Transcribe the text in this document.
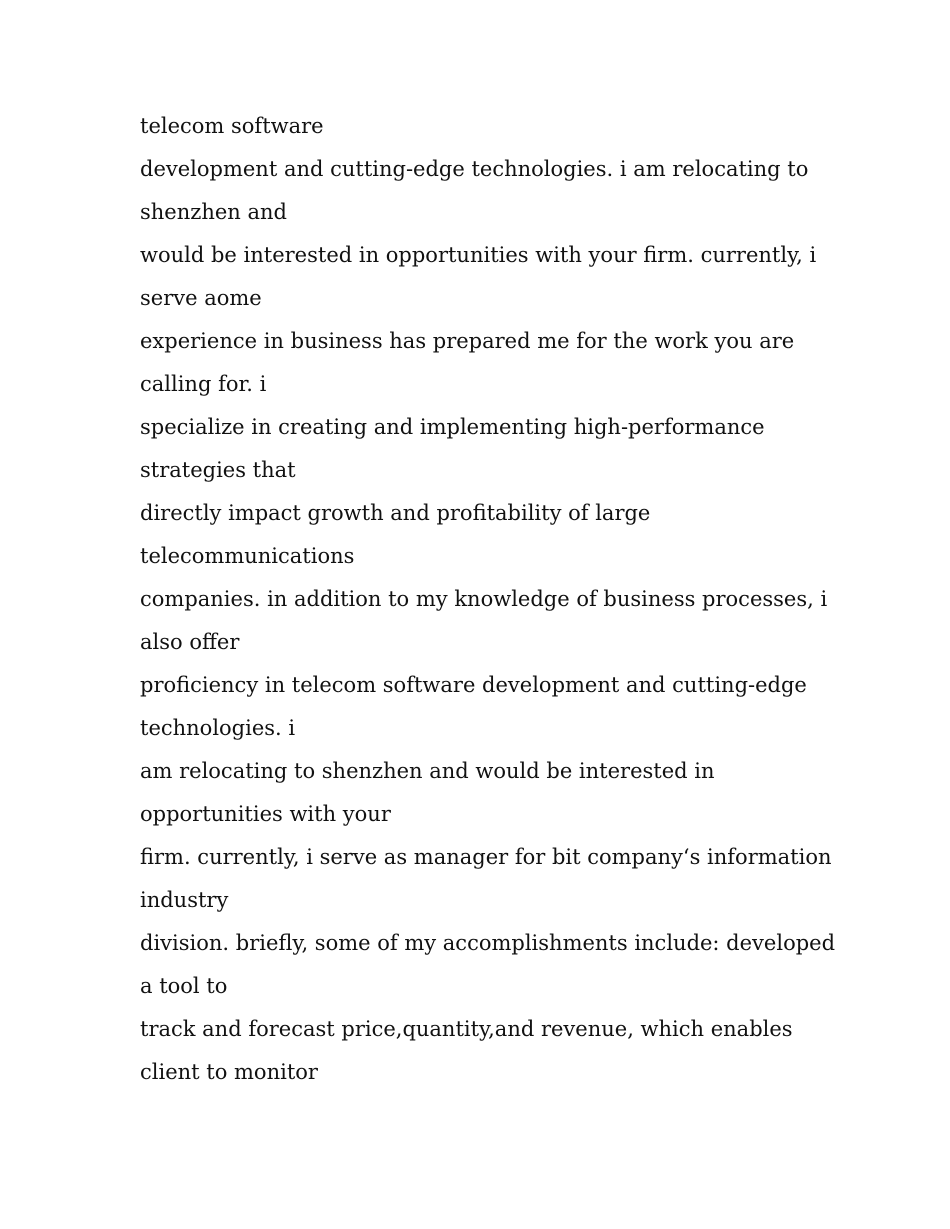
telecom software
development and cutting-edge technologies. i am relocating to
shenzhen and
would be interested in opportunities with your firm. currently, i
serve aome
experience in business has prepared me for the work you are
calling for. i
specialize in creating and implementing high-performance
strategies that
directly impact growth and profitability of large
telecommunications
companies. in addition to my knowledge of business processes, i
also offer
proficiency in telecom software development and cutting-edge
technologies. i
am relocating to shenzhen and would be interested in
opportunities with your
firm. currently, i serve as manager for bit company‘s information
industry
division. briefly, some of my accomplishments include: developed
a tool to
track and forecast price,quantity,and revenue, which enables
client to monitor
